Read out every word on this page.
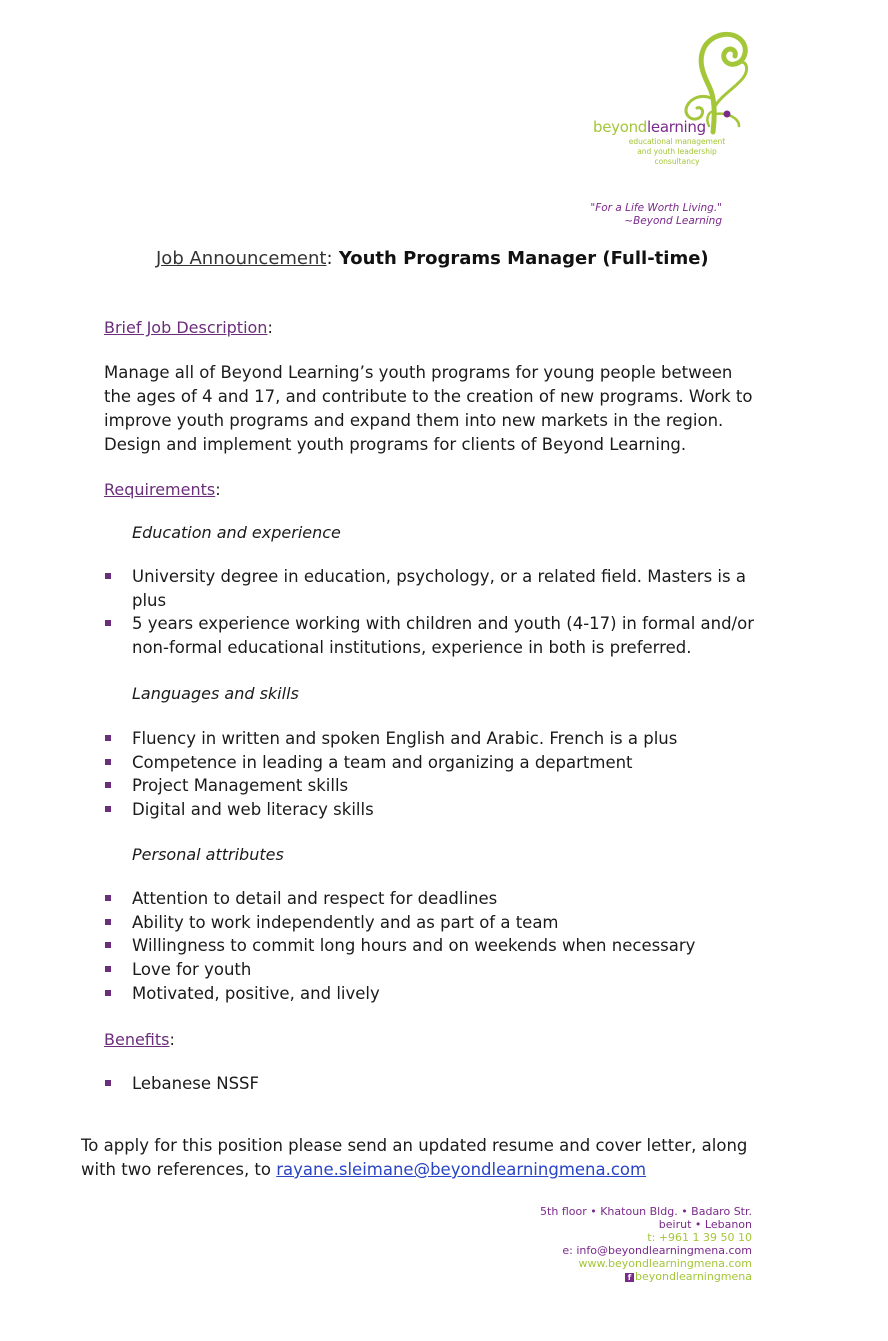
beyondlearning
educational management
and youth leadership
consultancy
"For a Life Worth Living."
~Beyond Learning
Job Announcement: Youth Programs Manager (Full-time)
Brief Job Description:
Manage all of Beyond Learning’s youth programs for young people between the ages of 4 and 17, and contribute to the creation of new programs. Work to improve youth programs and expand them into new markets in the region. Design and implement youth programs for clients of Beyond Learning.
Requirements:
Education and experience
University degree in education, psychology, or a related field. Masters is a plus
5 years experience working with children and youth (4-17) in formal and/or non-formal educational institutions, experience in both is preferred.
Languages and skills
Fluency in written and spoken English and Arabic. French is a plus
Competence in leading a team and organizing a department
Project Management skills
Digital and web literacy skills
Personal attributes
Attention to detail and respect for deadlines
Ability to work independently and as part of a team
Willingness to commit long hours and on weekends when necessary
Love for youth
Motivated, positive, and lively
Benefits:
Lebanese NSSF
To apply for this position please send an updated resume and cover letter, along with two references, to rayane.sleimane@beyondlearningmena.com
5th floor • Khatoun Bldg. • Badaro Str.
beirut • Lebanon
t: +961 1 39 50 10
e: info@beyondlearningmena.com
www.beyondlearningmena.com
f beyondlearningmena
